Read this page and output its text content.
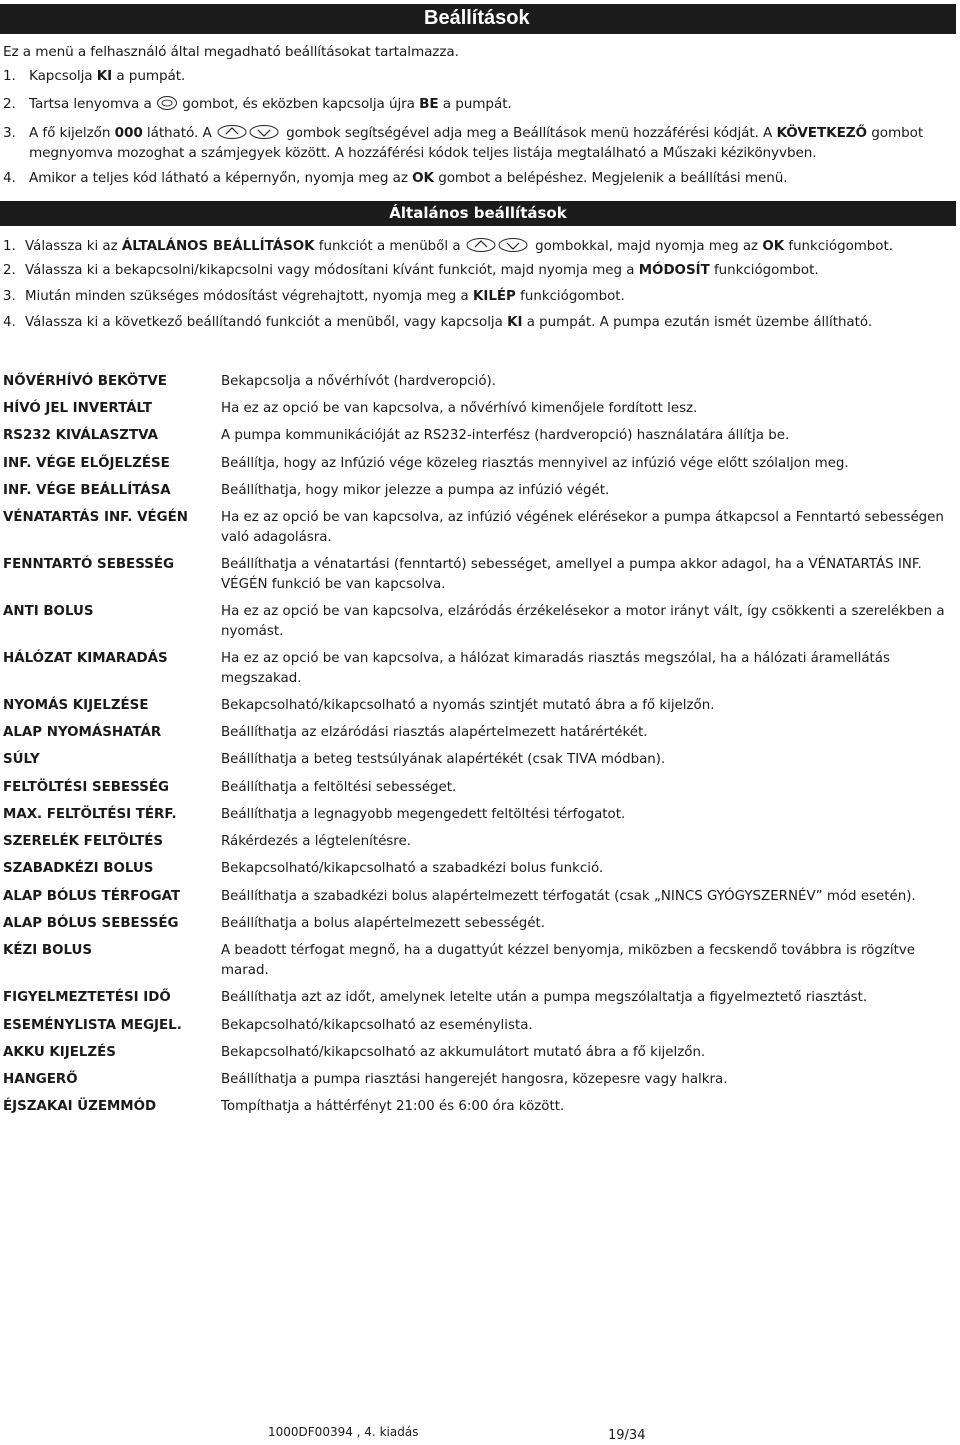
Beállítások
Ez a menü a felhasználó által megadható beállításokat tartalmazza.
1. Kapcsolja KI a pumpát.
2. Tartsa lenyomva a gombot, és eközben kapcsolja újra BE a pumpát.
3. A fő kijelzőn 000 látható. A	gombok segítségével adja meg a Beállítások menü hozzáférési kódját. A KÖVETKEZŐ gombot
megnyomva mozoghat a számjegyek között. A hozzáférési kódok teljes listája megtalálható a Műszaki kézikönyvben.
4. Amikor a teljes kód látható a képernyőn, nyomja meg az OK gombot a belépéshez. Megjelenik a beállítási menü.
Általános beállítások
1. Válassza ki az ÁLTALÁNOS BEÁLLÍTÁSOK funkciót a menüből a	gombokkal, majd nyomja meg az OK funkciógombot.
2. Válassza ki a bekapcsolni/kikapcsolni vagy módosítani kívánt funkciót, majd nyomja meg a MÓDOSÍT funkciógombot.
3. Miután minden szükséges módosítást végrehajtott, nyomja meg a KILÉP funkciógombot.
4. Válassza ki a következő beállítandó funkciót a menüből, vagy kapcsolja KI a pumpát. A pumpa ezután ismét üzembe állítható.
NŐVÉRHÍVÓ BEKÖTVE	Bekapcsolja a nővérhívót (hardveropció).
HÍVÓ JEL INVERTÁLT	Ha ez az opció be van kapcsolva, a nővérhívó kimenőjele fordított lesz.
RS232 KIVÁLASZTVA	A pumpa kommunikációját az RS232-interfész (hardveropció) használatára állítja be.
INF. VÉGE ELŐJELZÉSE	Beállítja, hogy az Infúzió vége közeleg riasztás mennyivel az infúzió vége előtt szólaljon meg.
INF. VÉGE BEÁLLÍTÁSA	Beállíthatja, hogy mikor jelezze a pumpa az infúzió végét.
VÉNATARTÁS INF. VÉGÉN Ha ez az opció be van kapcsolva, az infúzió végének elérésekor a pumpa átkapcsol a Fenntartó sebességen
való adagolásra.
FENNTARTÓ SEBESSÉG	Beállíthatja a vénatartási (fenntartó) sebességet, amellyel a pumpa akkor adagol, ha a VÉNATARTÁS INF.
VÉGÉN funkció be van kapcsolva.
ANTI BOLUS	Ha ez az opció be van kapcsolva, elzáródás érzékelésekor a motor irányt vált, így csökkenti a szerelékben a
nyomást.
HÁLÓZAT KIMARADÁS	Ha ez az opció be van kapcsolva, a hálózat kimaradás riasztás megszólal, ha a hálózati áramellátás
megszakad.
NYOMÁS KIJELZÉSE	Bekapcsolható/kikapcsolható a nyomás szintjét mutató ábra a fő kijelzőn.
ALAP NYOMÁSHATÁR	Beállíthatja az elzáródási riasztás alapértelmezett határértékét.
SÚLY	Beállíthatja a beteg testsúlyának alapértékét (csak TIVA módban).
FELTÖLTÉSI SEBESSÉG	Beállíthatja a feltöltési sebességet.
MAX. FELTÖLTÉSI TÉRF.	Beállíthatja a legnagyobb megengedett feltöltési térfogatot.
SZERELÉK FELTÖLTÉS	Rákérdezés a légtelenítésre.
SZABADKÉZI BOLUS	Bekapcsolható/kikapcsolható a szabadkézi bolus funkció.
ALAP BÓLUS TÉRFOGAT	Beállíthatja a szabadkézi bolus alapértelmezett térfogatát (csak „NINCS GYÓGYSZERNÉV” mód esetén).
ALAP BÓLUS SEBESSÉG	Beállíthatja a bolus alapértelmezett sebességét.
KÉZI BOLUS	A beadott térfogat megnő, ha a dugattyút kézzel benyomja, miközben a fecskendő továbbra is rögzítve
marad.
FIGYELMEZTETÉSI IDŐ	Beállíthatja azt az időt, amelynek letelte után a pumpa megszólaltatja a figyelmeztető riasztást.
ESEMÉNYLISTA MEGJEL.	Bekapcsolható/kikapcsolható az eseménylista.
AKKU KIJELZÉS	Bekapcsolható/kikapcsolható az akkumulátort mutató ábra a fő kijelzőn.
HANGERŐ	Beállíthatja a pumpa riasztási hangerejét hangosra, közepesre vagy halkra.
ÉJSZAKAI ÜZEMMÓD	Tompíthatja a háttérfényt 21:00 és 6:00 óra között.
1000DF00394 , 4. kiadás	19/34
